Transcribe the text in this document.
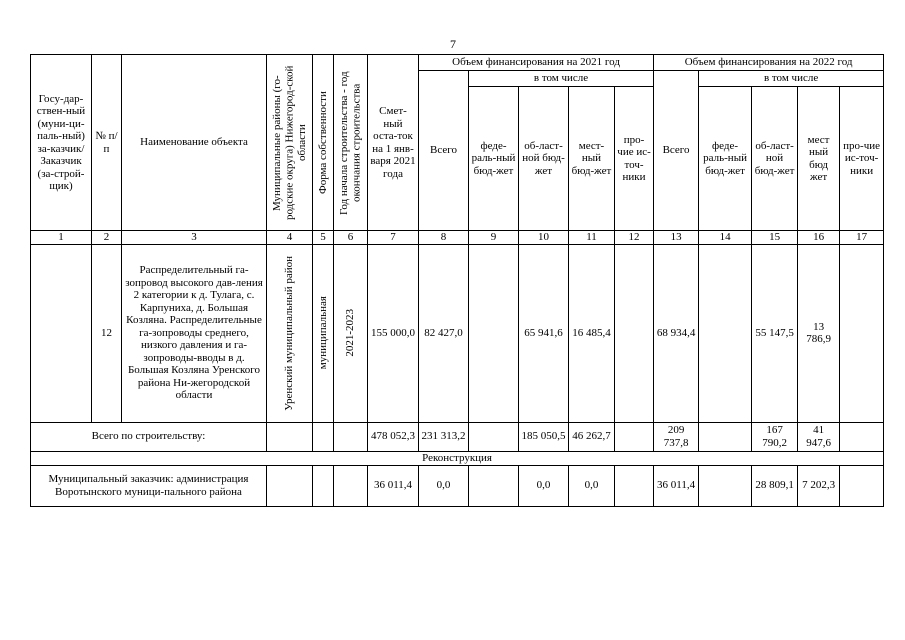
7
Госу-дар-ствен-ный (муни-ци-паль-ный) за-казчик/ Заказчик (за-строй-щик)	№ п/п	Наименование объекта	Муниципальные районы (го-родские округа) Нижегород-ской области	Форма собственности	Год начала строительства - год окончания строительства	Смет-ный оста-ток на 1 янв-варя 2021 года	Объем финансирования на 2021 год					Объем финансирования на 2022 год				
							Всего	в том числе				Всего	в том числе			
								феде-раль-ный бюд-жет	об-ласт-ной бюд-жет	мест-ный бюд-жет	про-чие ис-точ-ники		феде-раль-ный бюд-жет	об-ласт-ной бюд-жет	мест ный бюд жет	про-чие ис-точ-ники
1	2	3	4	5	6	7	8	9	10	11	12	13	14	15	16	17
	12	Распределительный га-зопровод высокого дав-ления 2 категории к д. Тулага, с. Карпуниха, д. Большая Козляна. Распределительные га-зопроводы среднего, низкого давления и га-зопроводы-вводы в д. Большая Козляна Уренского района Ни-жегородской области	Уренский муниципальный район	муниципальная	2021-2023	155 000,0	82 427,0		65 941,6	16 485,4		68 934,4		55 147,5	13 786,9	
Всего по строительству:						478 052,3	231 313,2		185 050,5	46 262,7		209 737,8		167 790,2	41 947,6	
Реконструкция																
Муниципальный заказчик: администрация Воротынского муници-пального района						36 011,4	0,0		0,0	0,0		36 011,4		28 809,1	7 202,3	
